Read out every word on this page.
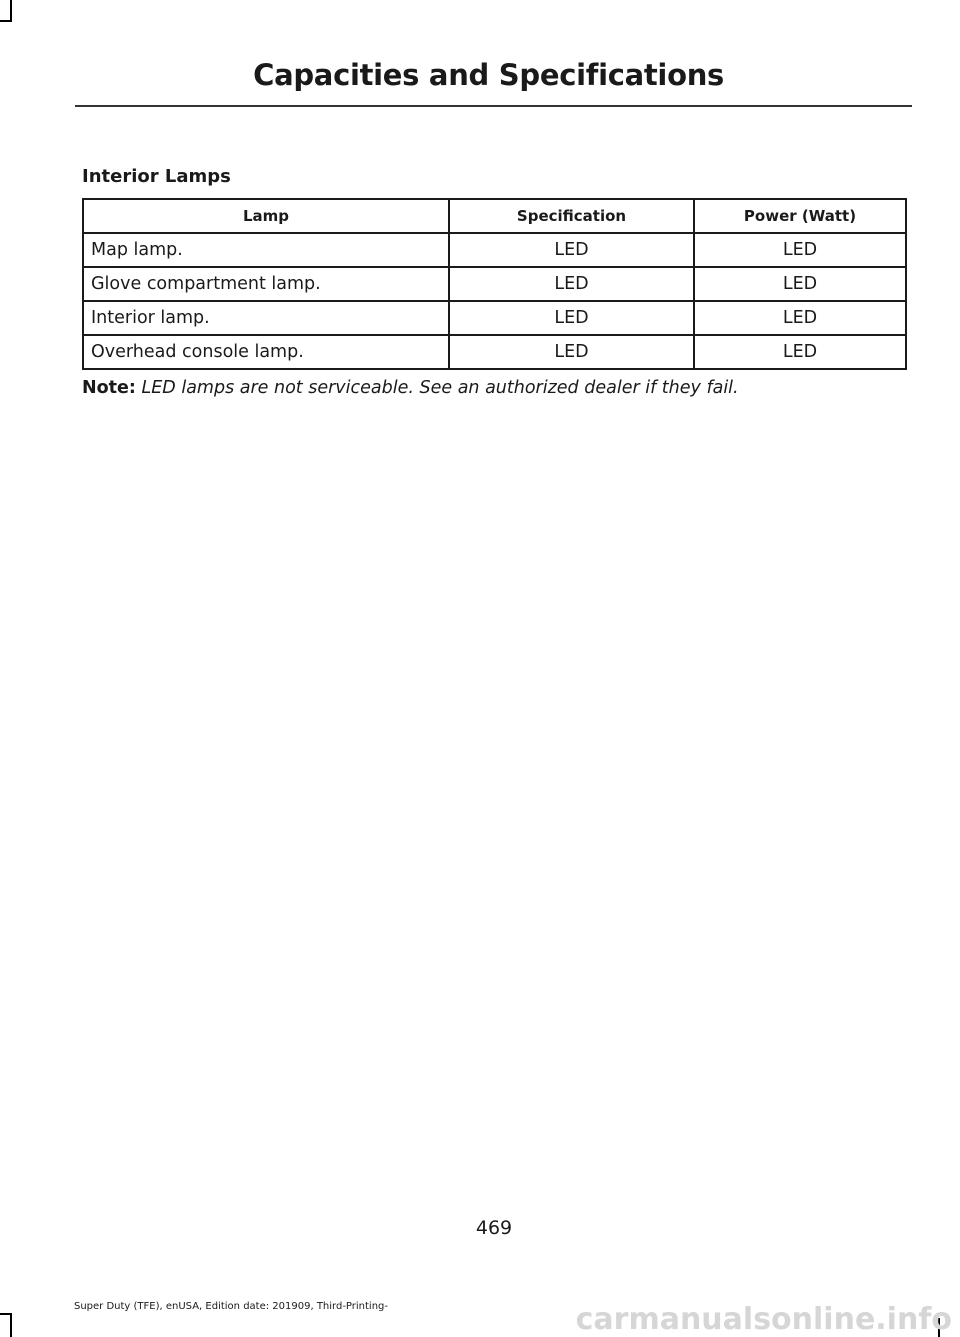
Capacities and Specifications
Interior Lamps
Lamp	Specification	Power (Watt)
Map lamp.	LED	LED
Glove compartment lamp.	LED	LED
Interior lamp.	LED	LED
Overhead console lamp.	LED	LED

Note: LED lamps are not serviceable. See an authorized dealer if they fail.

469
Super Duty (TFE), enUSA, Edition date: 201909, Third-Printing-	carmanualsonline.info
